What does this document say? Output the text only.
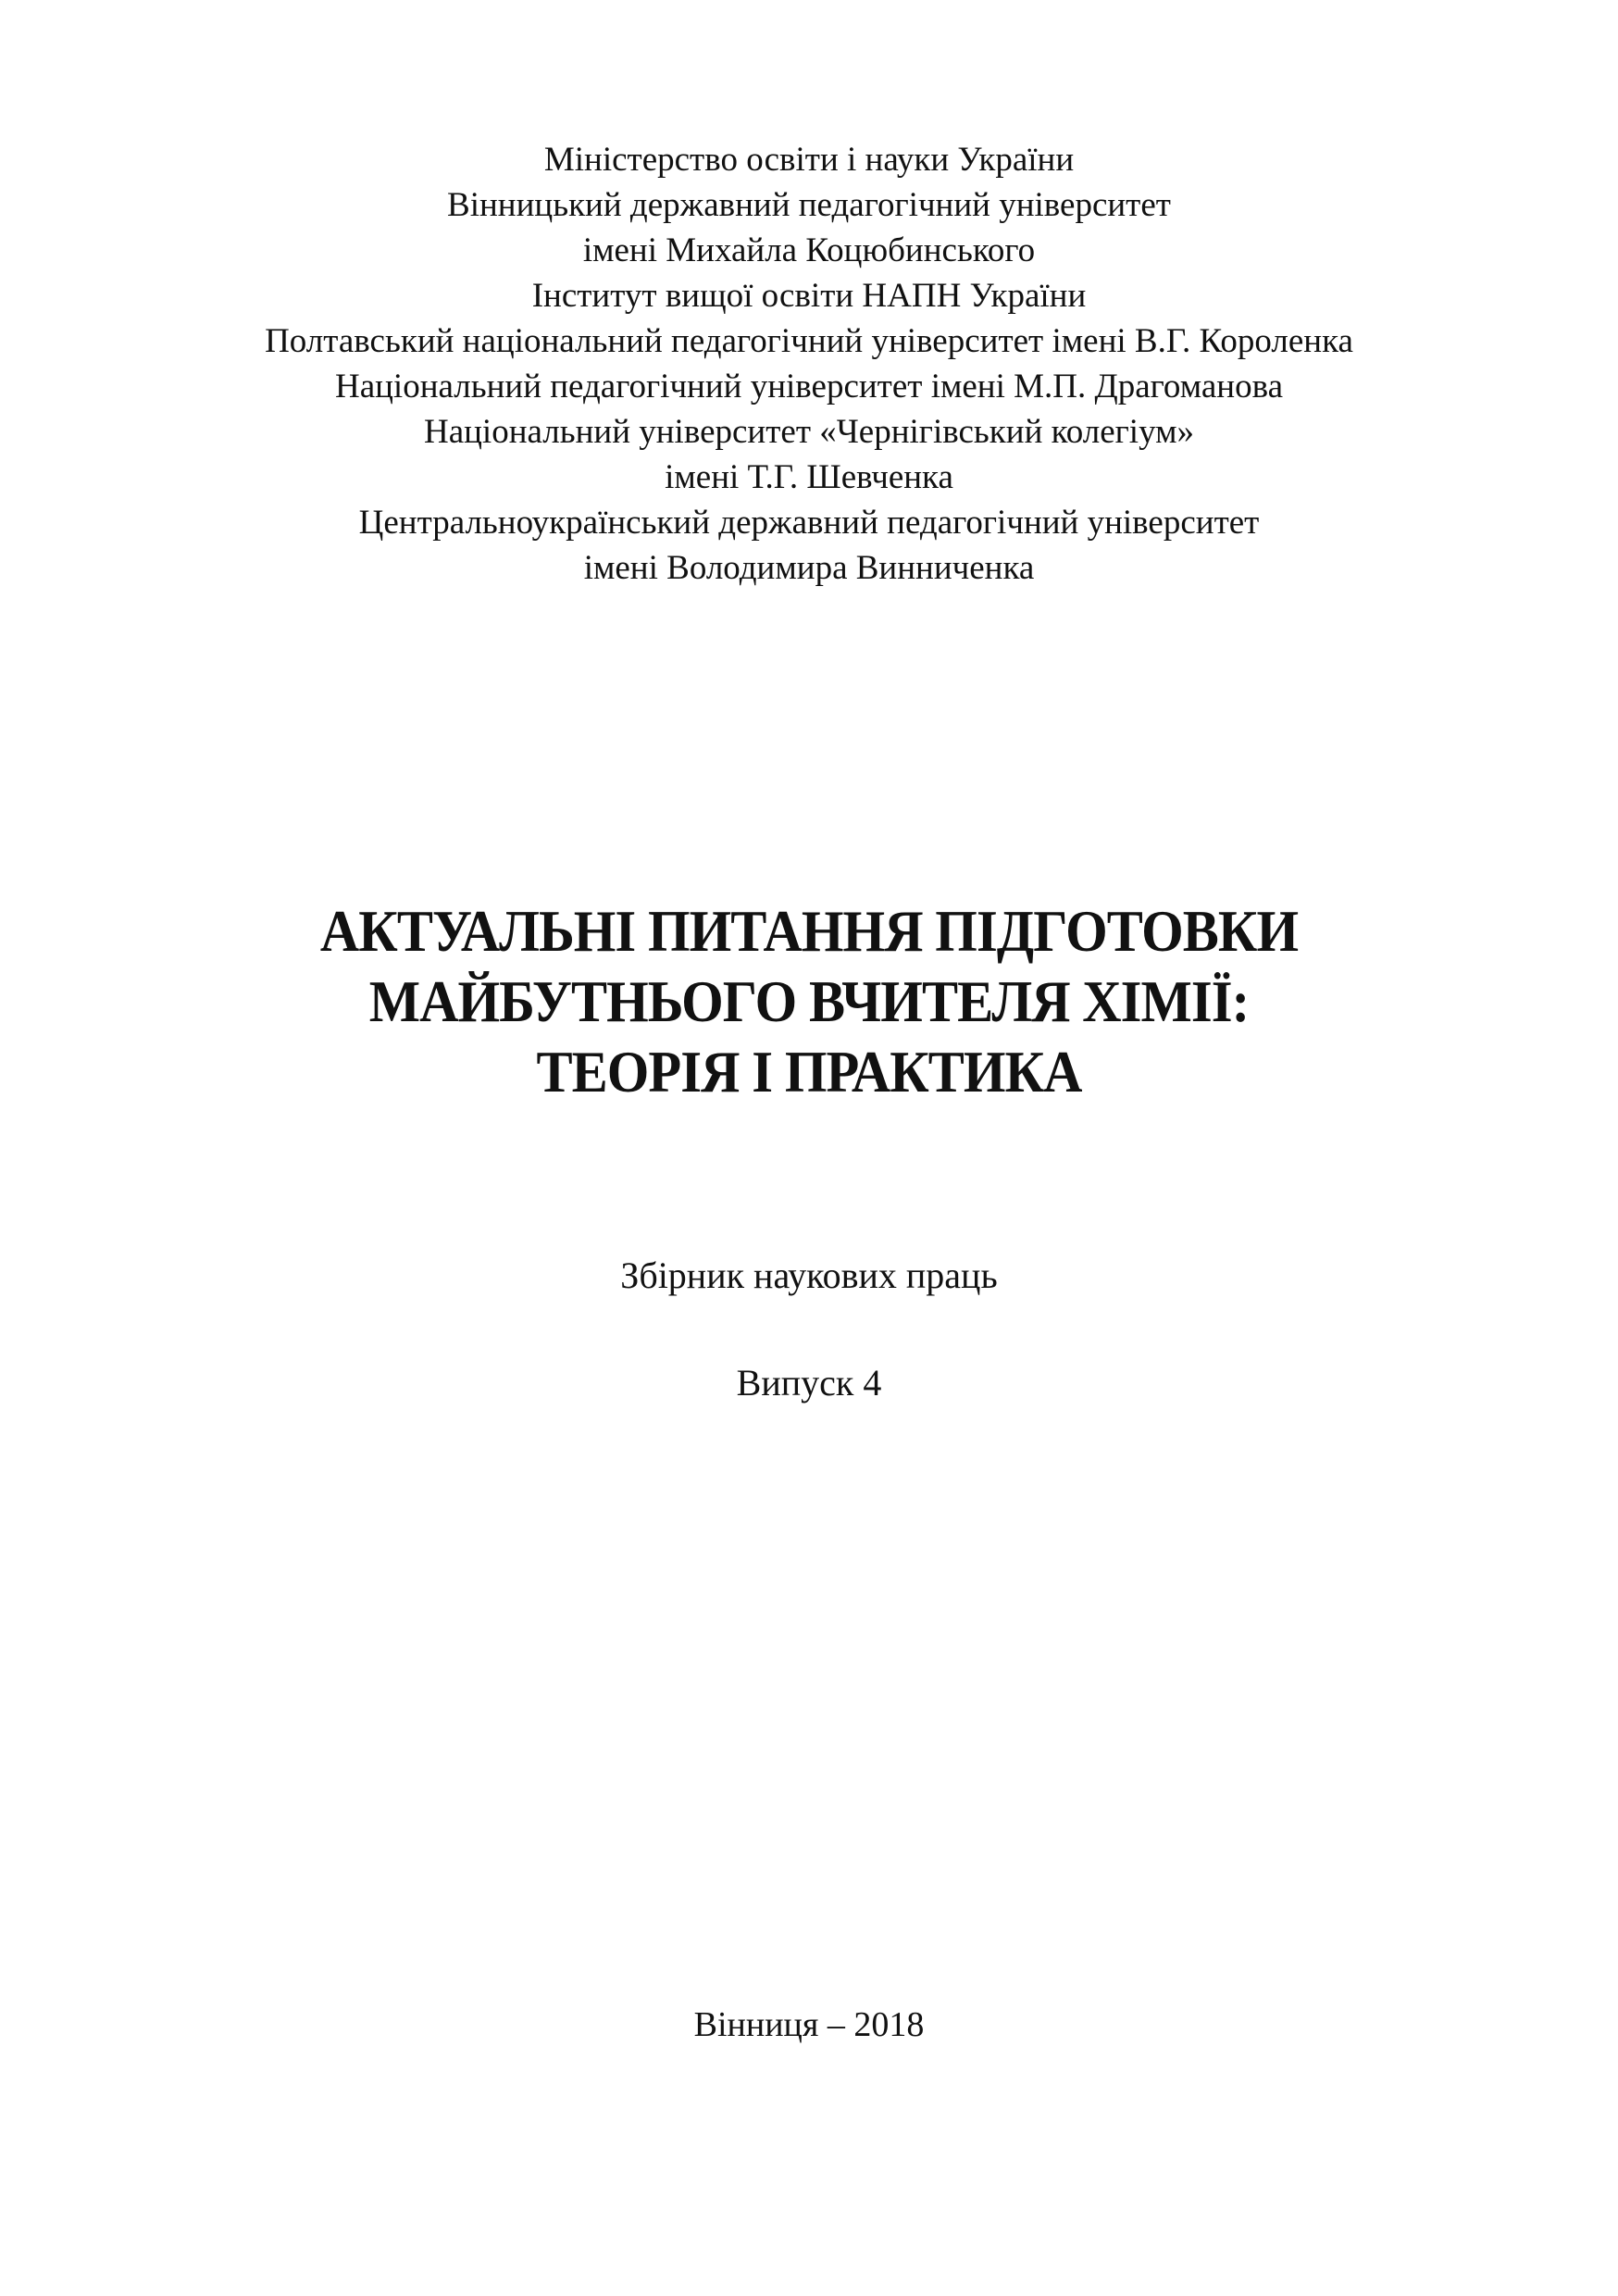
Міністерство освіти і науки України
Вінницький державний педагогічний університет
імені Михайла Коцюбинського
Інститут вищої освіти НАПН України
Полтавський національний педагогічний університет імені В.Г. Короленка
Національний педагогічний університет імені М.П. Драгоманова
Національний університет «Чернігівський колегіум»
імені Т.Г. Шевченка
Центральноукраїнський державний педагогічний університет
імені Володимира Винниченка
АКТУАЛЬНІ ПИТАННЯ ПІДГОТОВКИ
МАЙБУТНЬОГО ВЧИТЕЛЯ ХІМІЇ:
ТЕОРІЯ І ПРАКТИКА
Збірник наукових праць
Випуск 4
Вінниця – 2018
